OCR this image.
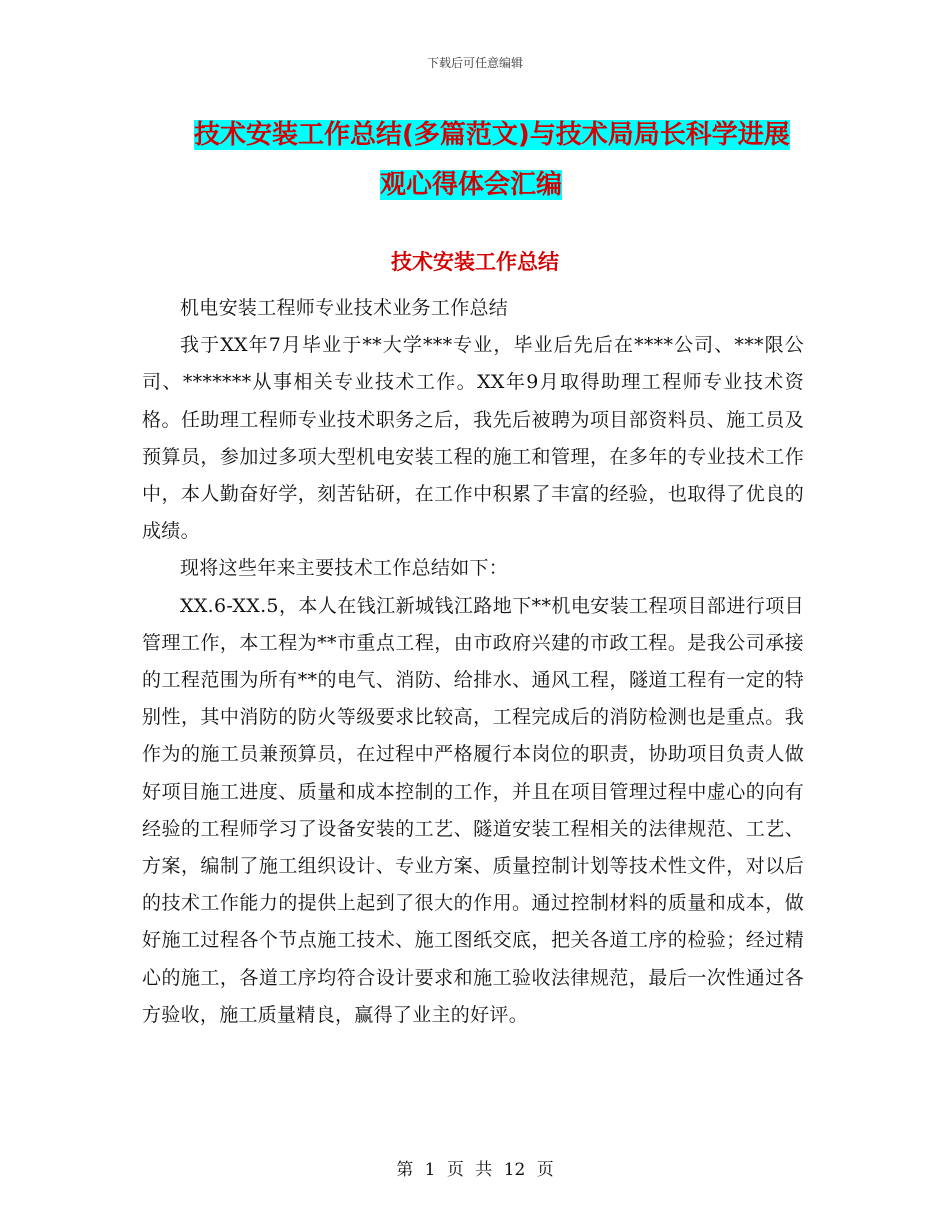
下载后可任意编辑
技术安装工作总结(多篇范文)与技术局局长科学进展
观心得体会汇编
技术安装工作总结

机电安装工程师专业技术业务工作总结

我于XX年7月毕业于**大学***专业，毕业后先后在****公司、***限公司、*******从事相关专业技术工作。XX年9月取得助理工程师专业技术资格。任助理工程师专业技术职务之后，我先后被聘为项目部资料员、施工员及预算员，参加过多项大型机电安装工程的施工和管理，在多年的专业技术工作中，本人勤奋好学，刻苦钻研，在工作中积累了丰富的经验，也取得了优良的成绩。

现将这些年来主要技术工作总结如下：

XX.6-XX.5，本人在钱江新城钱江路地下**机电安装工程项目部进行项目管理工作，本工程为**市重点工程，由市政府兴建的市政工程。是我公司承接的工程范围为所有**的电气、消防、给排水、通风工程，隧道工程有一定的特别性，其中消防的防火等级要求比较高，工程完成后的消防检测也是重点。我作为的施工员兼预算员，在过程中严格履行本岗位的职责，协助项目负责人做好项目施工进度、质量和成本控制的工作，并且在项目管理过程中虚心的向有经验的工程师学习了设备安装的工艺、隧道安装工程相关的法律规范、工艺、方案，编制了施工组织设计、专业方案、质量控制计划等技术性文件，对以后的技术工作能力的提供上起到了很大的作用。通过控制材料的质量和成本，做好施工过程各个节点施工技术、施工图纸交底，把关各道工序的检验；经过精心的施工，各道工序均符合设计要求和施工验收法律规范，最后一次性通过各方验收，施工质量精良，赢得了业主的好评。

第 1 页 共 12 页
